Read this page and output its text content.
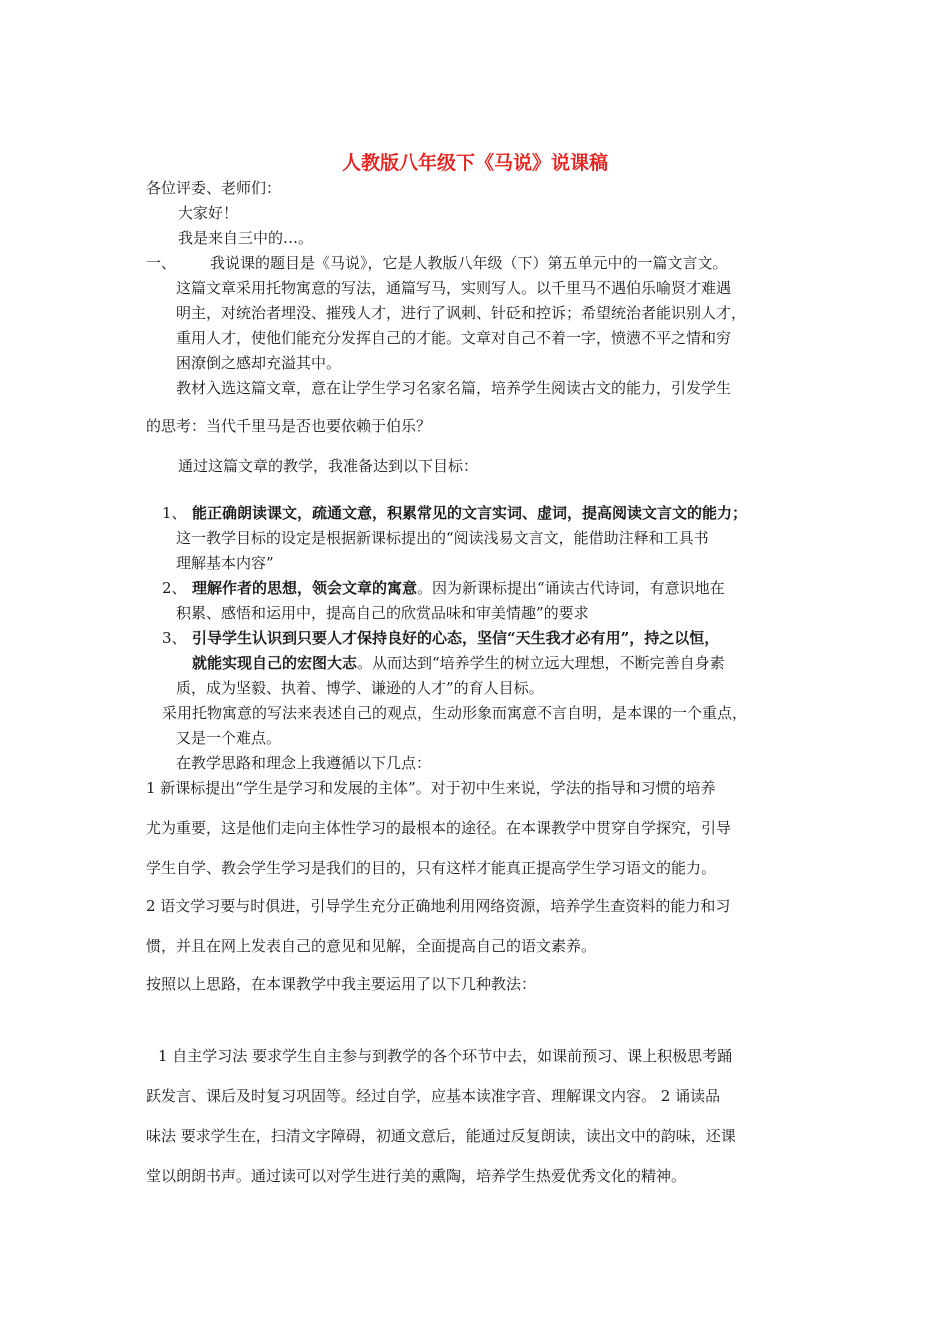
人教版八年级下《马说》说课稿
各位评委、老师们：
大家好！
我是来自三中的…。
一、 我说课的题目是《马说》，它是人教版八年级（下）第五单元中的一篇文言文。
这篇文章采用托物寓意的写法，通篇写马，实则写人。以千里马不遇伯乐喻贤才难遇
明主，对统治者埋没、摧残人才，进行了讽刺、针砭和控诉；希望统治者能识别人才，
重用人才，使他们能充分发挥自己的才能。文章对自己不着一字，愤懑不平之情和穷
困潦倒之感却充溢其中。
教材入选这篇文章，意在让学生学习名家名篇，培养学生阅读古文的能力，引发学生
的思考：当代千里马是否也要依赖于伯乐？
通过这篇文章的教学，我准备达到以下目标：
1、 能正确朗读课文，疏通文意，积累常见的文言实词、虚词，提高阅读文言文的能力；
这一教学目标的设定是根据新课标提出的“阅读浅易文言文，能借助注释和工具书
理解基本内容”
2、 理解作者的思想，领会文章的寓意。因为新课标提出“诵读古代诗词，有意识地在
积累、感悟和运用中，提高自己的欣赏品味和审美情趣”的要求
3、 引导学生认识到只要人才保持良好的心态，坚信“天生我才必有用”，持之以恒，
就能实现自己的宏图大志。从而达到“培养学生的树立远大理想，不断完善自身素
质，成为坚毅、执着、博学、谦逊的人才”的育人目标。
采用托物寓意的写法来表述自己的观点，生动形象而寓意不言自明，是本课的一个重点，
又是一个难点。
在教学思路和理念上我遵循以下几点：
1 新课标提出“学生是学习和发展的主体”。对于初中生来说，学法的指导和习惯的培养
尤为重要，这是他们走向主体性学习的最根本的途径。在本课教学中贯穿自学探究，引导
学生自学、教会学生学习是我们的目的，只有这样才能真正提高学生学习语文的能力。
2 语文学习要与时俱进，引导学生充分正确地利用网络资源，培养学生查资料的能力和习
惯，并且在网上发表自己的意见和见解，全面提高自己的语文素养。
按照以上思路，在本课教学中我主要运用了以下几种教法：
1 自主学习法 要求学生自主参与到教学的各个环节中去，如课前预习、课上积极思考踊
跃发言、课后及时复习巩固等。经过自学，应基本读准字音、理解课文内容。 2 诵读品
味法 要求学生在，扫清文字障碍，初通文意后，能通过反复朗读，读出文中的韵味，还课
堂以朗朗书声。通过读可以对学生进行美的熏陶，培养学生热爱优秀文化的精神。
